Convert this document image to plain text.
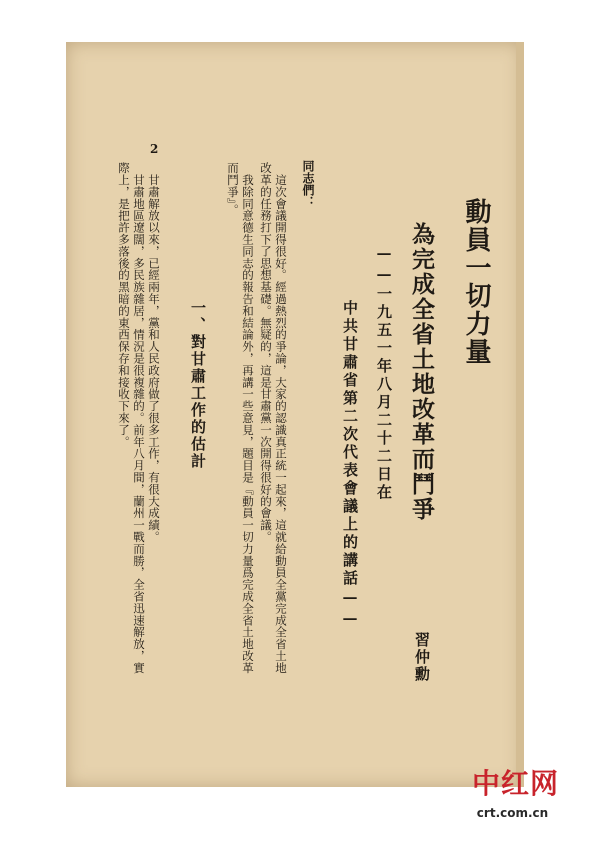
2

動員一切力量

為完成全省土地改革而鬥爭

——一九五一年八月二十二日在

中共甘肅省第二次代表會議上的講話——

習仲勳

同志們：

　這次會議開得很好。經過熱烈的爭論，大家的認識真正統一起來，這就給動員全黨完成全省土地
改革的任務打下了思想基礎。無疑的，這是甘肅黨一次開得很好的會議。
　我除同意德生同志的報告和結論外，再講一些意見，題目是『動員一切力量爲完成全省土地改革
而鬥爭』。

一、對甘肅工作的估計

　甘肅解放以來，已經兩年，黨和人民政府做了很多工作，有很大成績。
　甘肅地區遼闊，多民族雜居，情況是很複雜的。前年八月間，蘭州一戰而勝，全省迅速解放，實
際上，是把許多落後的黑暗的東西保存和接收下來了。
中红网
crt.com.cn
